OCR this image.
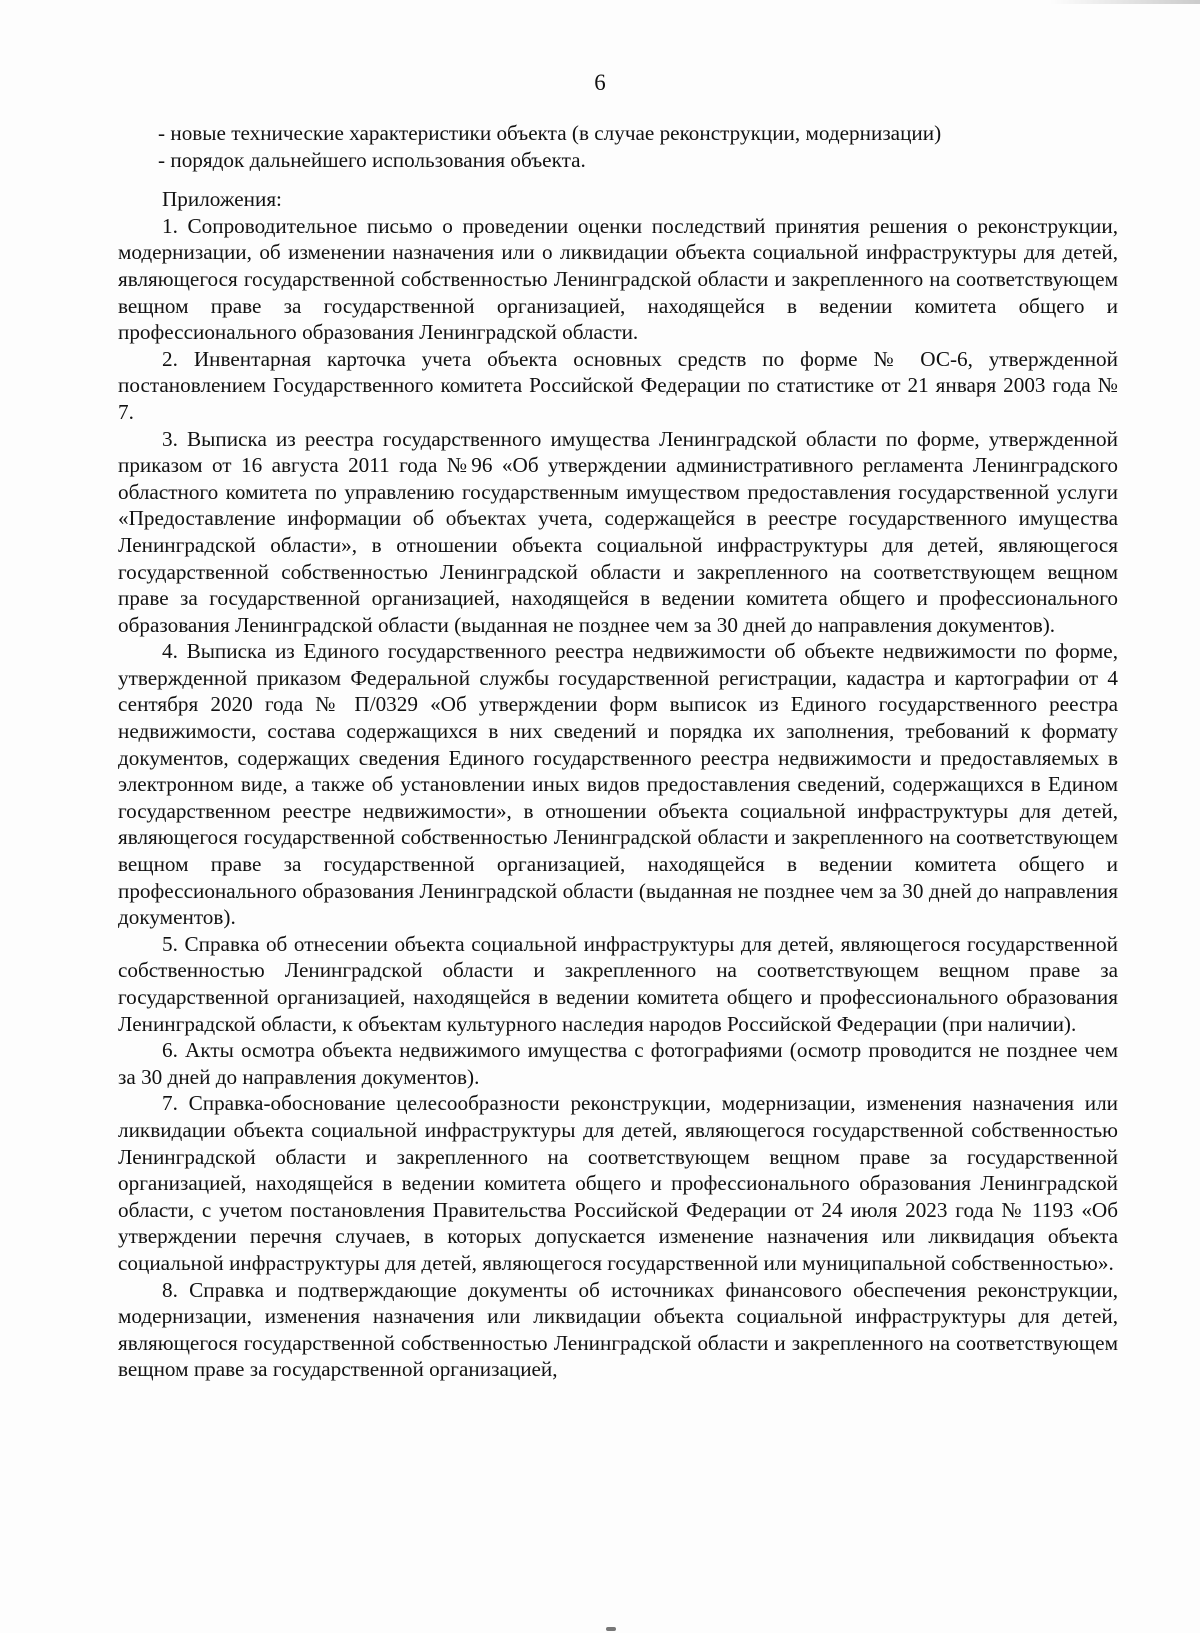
6

- новые технические характеристики объекта (в случае реконструкции, модернизации)

- порядок дальнейшего использования объекта.

Приложения:

1. Сопроводительное письмо о проведении оценки последствий принятия решения о реконструкции, модернизации, об изменении назначения или о ликвидации объекта социальной инфраструктуры для детей, являющегося государственной собственностью Ленинградской области и закрепленного на соответствующем вещном праве за государственной организацией, находящейся в ведении комитета общего и профессионального образования Ленинградской области.

2. Инвентарная карточка учета объекта основных средств по форме № ОС-6, утвержденной постановлением Государственного комитета Российской Федерации по статистике от 21 января 2003 года № 7.

3. Выписка из реестра государственного имущества Ленинградской области по форме, утвержденной приказом от 16 августа 2011 года №96 «Об утверждении административного регламента Ленинградского областного комитета по управлению государственным имуществом предоставления государственной услуги «Предоставление информации об объектах учета, содержащейся в реестре государственного имущества Ленинградской области», в отношении объекта социальной инфраструктуры для детей, являющегося государственной собственностью Ленинградской области и закрепленного на соответствующем вещном праве за государственной организацией, находящейся в ведении комитета общего и профессионального образования Ленинградской области (выданная не позднее чем за 30 дней до направления документов).

4. Выписка из Единого государственного реестра недвижимости об объекте недвижимости по форме, утвержденной приказом Федеральной службы государственной регистрации, кадастра и картографии от 4 сентября 2020 года № П/0329 «Об утверждении форм выписок из Единого государственного реестра недвижимости, состава содержащихся в них сведений и порядка их заполнения, требований к формату документов, содержащих сведения Единого государственного реестра недвижимости и предоставляемых в электронном виде, а также об установлении иных видов предоставления сведений, содержащихся в Едином государственном реестре недвижимости», в отношении объекта социальной инфраструктуры для детей, являющегося государственной собственностью Ленинградской области и закрепленного на соответствующем вещном праве за государственной организацией, находящейся в ведении комитета общего и профессионального образования Ленинградской области (выданная не позднее чем за 30 дней до направления документов).

5. Справка об отнесении объекта социальной инфраструктуры для детей, являющегося государственной собственностью Ленинградской области и закрепленного на соответствующем вещном праве за государственной организацией, находящейся в ведении комитета общего и профессионального образования Ленинградской области, к объектам культурного наследия народов Российской Федерации (при наличии).

6. Акты осмотра объекта недвижимого имущества с фотографиями (осмотр проводится не позднее чем за 30 дней до направления документов).

7. Справка-обоснование целесообразности реконструкции, модернизации, изменения назначения или ликвидации объекта социальной инфраструктуры для детей, являющегося государственной собственностью Ленинградской области и закрепленного на соответствующем вещном праве за государственной организацией, находящейся в ведении комитета общего и профессионального образования Ленинградской области, с учетом постановления Правительства Российской Федерации от 24 июля 2023 года № 1193 «Об утверждении перечня случаев, в которых допускается изменение назначения или ликвидация объекта социальной инфраструктуры для детей, являющегося государственной или муниципальной собственностью».

8. Справка и подтверждающие документы об источниках финансового обеспечения реконструкции, модернизации, изменения назначения или ликвидации объекта социальной инфраструктуры для детей, являющегося государственной собственностью Ленинградской области и закрепленного на соответствующем вещном праве за государственной организацией,
